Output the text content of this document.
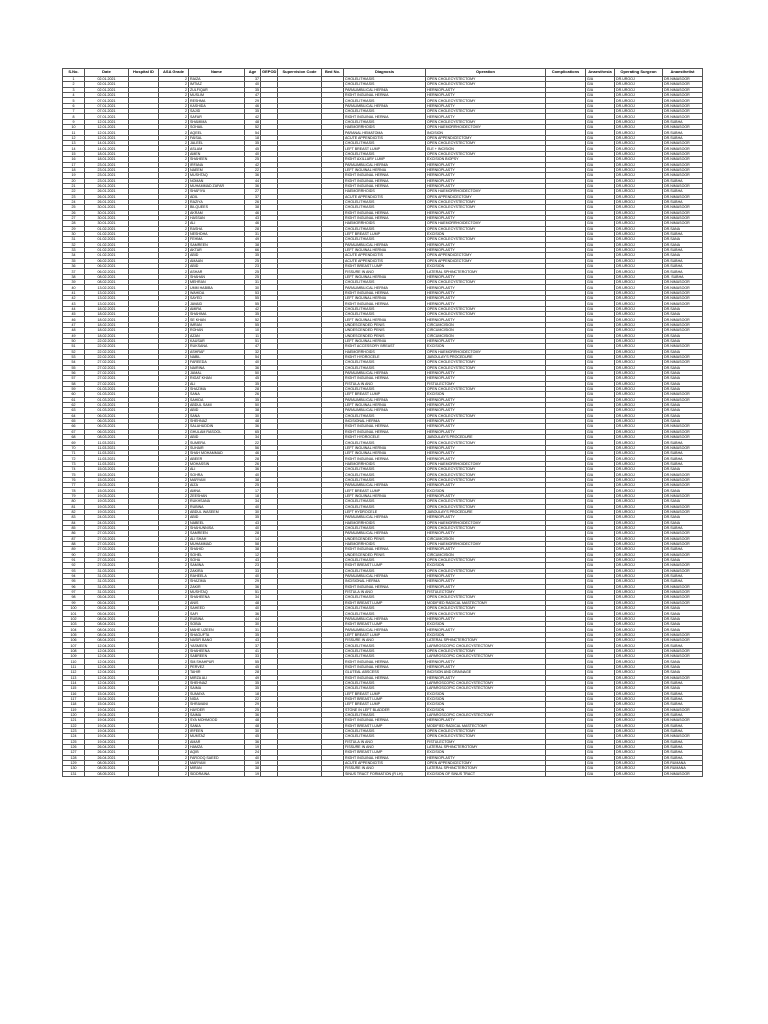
S.No.	Date	Hospital ID	ASA Grade	Name	Age	GEPOD	Supervision Code	Bed No.	Diagnosis	Operation	Complications	Anaesthesia	Operating Surgeon	Anaesthetist
1	02.01.2021		2	RAIZA	37				CHOLELITHIASIS	OPEN CHOLECYSTECTOMY		G/A	DR.UROOJ	DR.NIMASOOR
2	02.01.2021		2	IMTIAZ	40				CHOLELITHIASIS	OPEN CHOLECYSTECTOMY		G/A	DR.UROOJ	DR.NIMASOOR
3	02.01.2021		2	ZULFIQAR	35				PARAUMBILICAL HERNIA	HERNIOPLASTY		G/A	DR.UROOJ	DR.NIMASOOR
4	02.01.2021		2	MUSLIM	47				RIGHT INGUINAL HERNIA	HERNIOPLASTY		G/A	DR.UROOJ	DR.NIMASOOR
5	07.01.2021		2	RESHMA	29				CHOLELITHIASIS	OPEN CHOLECYSTECTOMY		G/A	DR.UROOJ	DR.NIMASOOR
6	07.01.2021		2	KASHIDA	46				PARAUMBILICAL HERNIA	HERNIOPLASTY		G/A	DR.UROOJ	DR.NIMASOOR
7	07.01.2021		2	SAJID	35				CHOLELITHIASIS	OPEN CHOLECYSTECTOMY		G/A	DR.UROOJ	DR.NIMASOOR
8	07.01.2021		2	SAFAR	42				RIGHT INGUINAL HERNIA	HERNIOPLASTY		G/A	DR.UROOJ	DR.NIMASOOR
9	12.01.2021		2	SHAMIMA	48				CHOLELITHIASIS	OPEN CHOLECYSTECTOMY		G/A	DR.UROOJ	DR.SUBHA
10	12.01.2021		2	SOHAIL	52				HAEMORRHOIDS	OPEN HAEMORRHOIDECTOMY		G/A	DR.UROOJ	DR.NIMASOOR
11	12.01.2021		2	AQEEL	54				PARANAL HEMATOMA	INCISION		G/A	DR.UROOJ	DR.SUBHA
12	12.01.2021		2	FAISAL	18				ACUTE APPENDICITIS	OPEN APPENDICECTOMY		G/A	DR.UROOJ	DR.SUBHA
13	14.01.2021		2	JALEEL	35				CHOLELITHIASIS	OPEN CHOLECYSTECTOMY		G/A	DR.UROOJ	DR.NIMASOOR
14	14.01.2021		2	ASLAM	45				LEFT BREAST LUMP	ELE + INCISION		G/A	DR.UROOJ	DR.NIMASOOR
15	18.01.2021		2	AMEN	40				CHOLELITHIASIS	OPEN CHOLECYSTECTOMY		G/A	DR.UROOJ	DR.NIMASOOR
16	18.01.2021		2	SHAHEEN	25				RIGHT AXILLARY LUMP	EXCISION BIOPSY		G/A	DR.UROOJ	DR.NIMASOOR
17	23.01.2021		2	IRFANA	42				PARAUMBILICAL HERNIA	HERNIOPLASTY		G/A	DR.UROOJ	DR.NIMASOOR
18	23.01.2021		2	NAEEM	22				LEFT INGUINAL HERNIA	HERNIOPLASTY		G/A	DR.UROOJ	DR.NIMASOOR
19	23.01.2021		2	MUSHTAQ	36				RIGHT INGUINAL HERNIA	HERNIOPLASTY		G/A	DR.UROOJ	DR.NIMASOOR
20	23.01.2021		2	NOMAN	44				RIGHT INGUINAL HERNIA	HERNIOPLASTY		G/A	DR.UROOJ	DR.SUBHA
21	26.01.2021		2	MUHAMMAD ZAFAR	36				RIGHT INGUINAL HERNIA	HERNIOPLASTY		G/A	DR.UROOJ	DR.NIMASOOR
22	26.01.2021		2	SHAFIYA	27				HAEMORRHOIDS	OPEN HAEMORRHOIDECTOMY		G/A	DR.UROOJ	DR.SUBHA
23	26.01.2021		2	ADIL	37				ACUTE APPENDICITIS	OPEN APPENDICECTOMY		G/A	DR.UROOJ	DR.NIMASOOR
24	26.01.2021		2	RAZIYA	26				CHOLELITHIASIS	OPEN CHOLECYSTECTOMY		G/A	DR.UROOJ	DR.SUBHA
25	30.01.2021		2	BILQUEES	38				CHOLELITHIASIS	OPEN CHOLECYSTECTOMY		G/A	DR.UROOJ	DR.NIMASOOR
26	30.01.2021		2	AKRAM	46				RIGHT INGUINAL HERNIA	HERNIOPLASTY		G/A	DR.UROOJ	DR.NIMASOOR
27	30.01.2021		2	HASSAN	43				RIGHT INGUINAL HERNIA	HERNIOPLASTY		G/A	DR.UROOJ	DR.NIMASOOR
28	30.01.2021		2	ALI	46				HAEMORRHOIDS	OPEN HAEMORRHOIDECTOMY		G/A	DR.UROOJ	DR.NIMASOOR
29	01.02.2021		2	RASHA	28				CHOLELITHIASIS	OPEN CHOLECYSTECTOMY		G/A	DR.UROOJ	DR.SANA
30	01.02.2021		2	NESHDHA	31				LEFT BREAST LUMP	EXCISION		G/A	DR.UROOJ	DR.SUBHA
31	01.02.2021		2	FEHMA	49				CHOLELITHIASIS	OPEN CHOLECYSTECTOMY		G/A	DR.UROOJ	DR.SANA
32	01.02.2021		2	SAMREEN	38				PARAUMBILICAL HERNIA	HERNIOPLASTY		G/A	DR.UROOJ	DR.SANA
33	01.02.2021		2	AKTAR	66				LEFT INGUINAL HERNIA	HERNIOPLASTY		G/A	DR.UROOJ	DR.SUBHA
34	01.02.2021		2	ABID	35				ACUTE APPENDICITIS	OPEN APPENDICECTOMY		G/A	DR.UROOJ	DR.SANA
35	06.02.2021		2	AMAAN	25				ACUTE APPENDICITIS	OPEN APPENDICECTOMY		G/A	DR.UROOJ	DR.SUBHA
36	06.02.2021		2	ABID	23				RIGHT BREAST LUMP	EXCISION		G/A	DR.UROOJ	DR.SUBHA
37	06.02.2021		2	ASHAR	25				FISSURE IN ANO	LATERAL SPHINCTEROTOMY		G/A	DR.UROOJ	DR.SUBHA
38	08.02.2021		2	SHAHAN	25				LEFT INGUINAL HERNIA	HERNIOPLASTY		G/A	DR.UROOJ	DR. SUBHA
39	08.02.2021		2	MEHRAN	31				CHOLELITHIASIS	OPEN CHOLECYSTECTOMY		G/A	DR.UROOJ	DR.NIMASOOR
40	13.02.2021		2	UMM HABIBA	30				PARAUMBILICAL HERNIA	HERNIOPLASTY		G/A	DR.UROOJ	DR.NIMASOOR
41	13.02.2021		2	WAHIDA	53				RIGHT INGUINAL HERNIA	HERNIOPLASTY		G/A	DR.UROOJ	DR.NIMASOOR
42	13.02.2021		2	SAYED	55				LEFT INGUINAL HERNIA	HERNIOPLASTY		G/A	DR.UROOJ	DR.NIMASOOR
43	13.02.2021		2	JAVAID	55				RIGHT INGUINAL HERNIA	HERNIOPLASTY		G/A	DR.UROOJ	DR.NIMASOOR
44	18.02.2021		2	AMIRA	42				CHOLELITHIASIS	OPEN CHOLECYSTECTOMY		G/A	DR.UROOJ	DR.SANA
45	18.02.2021		2	SHAHIMA	35				CHOLELITHIASIS	OPEN CHOLECYSTECTOMY		G/A	DR.UROOJ	DR.SANA
46	18.02.2021		2	SE KHAN	52				LEFT INGUINAL HERNIA	HERNIOPLASTY		G/A	DR.UROOJ	DR.NIMASOOR
47	18.02.2021		2	IMRAN	55				UNDESCENDED PENIS	CIRCUMCISION		G/A	DR.UROOJ	DR.NIMASOOR
48	18.02.2021		2	ROHAN	10				UNDESCENDED PENIS	CIRCUMCISION		G/A	DR.UROOJ	DR.NIMASOOR
49	18.02.2021		2	AZAN	11				UNDESCENDED PENIS	CIRCUMCISION		G/A	DR.UROOJ	DR.SANA
50	22.02.2021		2	KAUSAR	51				LEFT INGUINAL HERNIA	HERNIOPLASTY		G/A	DR.UROOJ	DR.SANA
51	22.02.2021		2	RUKSANA	47				RIGHT ACCESSORY BREAST	EXCISION		G/A	DR.UROOJ	DR.NIMASOOR
52	22.02.2021		2	ASHRAF	32				HAEMORRHOIDS	OPEN HAEMORRHOIDECTOMY		G/A	DR.UROOJ	DR.SANA
53	22.02.2021		2	NABIL	54				RIGHT HYDROCELE	JABOULAY'S PROCEDURE		G/A	DR.UROOJ	DR.NIMASOOR
54	27.02.2021		2	FAREEDA	40				CHOLELITHIASIS	OPEN CHOLECYSTECTOMY		G/A	DR.UROOJ	DR.NIMASOOR
55	27.02.2021		2	NAIRINA	36				CHOLELITHIASIS	OPEN CHOLECYSTECTOMY		G/A	DR.UROOJ	DR.SANA
56	27.02.2021		2	JAMAL	50				PARAUMBILICAL HERNIA	HERNIOPLASTY		G/A	DR.UROOJ	DR.SANA
57	27.02.2021		2	RIGAT KHAN	45				RIGHT INGUINAL HERNIA	HERNIOPLASTY		G/A	DR.UROOJ	DR.SANA
58	27.02.2021		2	ALI	35				FISTULA IN ANO	FISTULECTOMY		G/A	DR.UROOJ	DR.SANA
59	01.03.2021		2	SHAZIMA	28				CHOLELITHIASIS	OPEN CHOLECYSTECTOMY		G/A	DR.UROOJ	DR.SANA
60	01.03.2021		2	SANA	26				LEFT BREAST LUMP	EXCISION		G/A	DR.UROOJ	DR.NIMASOOR
61	01.03.2021		2	SAHIDA	35				PARAUMBILICAL HERNIA	HERNIOPLASTY		G/A	DR.UROOJ	DR.NIMASOOR
62	01.03.2021		2	ABDUL SAMI	50				LEFT INGUINAL HERNIA	HERNIOPLASTY		G/A	DR.UROOJ	DR.SANA
63	01.03.2021		2	ABID	38				PARAUMBILICAL HERNIA	HERNIOPLASTY		G/A	DR.UROOJ	DR.SANA
64	06.03.2021		2	SANA	30				CHOLELITHIASIS	OPEN CHOLECYSTECTOMY		G/A	DR.UROOJ	DR.SANA
65	06.03.2021		2	SHEHNAZ	48				INCISIONAL HERNIA	HERNIOPLASTY		G/A	DR.UROOJ	DR.SANA
66	06.03.2021		2	SALAHUDDIN	36				RIGHT INGUINAL HERNIA	HERNIOPLASTY		G/A	DR.UROOJ	DR.NIMASOOR
67	06.03.2021		2	GHULAM RASOOL	65				RIGHT INGUINAL HERNIA	HERNIOPLASTY		G/A	DR.UROOJ	DR.NIMASOOR
68	08.03.2021		2	ABID	34				RIGHT HYDROCELE	JABOULAY'S PROCEDURE		G/A	DR.UROOJ	DR.NIMASOOR
69	11.03.2021		2	SUMERA	22				CHOLELITHIASIS	OPEN CHOLECYSTECTOMY		G/A	DR.UROOJ	DR.SUBHA
70	11.03.2021		2	SUHAIR	56				LEFT INGUINAL HERNIA	HERNIOPLASTY		G/A	DR.UROOJ	DR.NIMASOOR
71	11.03.2021		2	SHAH MOHAMMAD	46				LEFT INGUINAL HERNIA	HERNIOPLASTY		G/A	DR.UROOJ	DR.SUBHA
72	11.03.2021		2	ABEER	28				RIGHT INGUINAL HERNIA	HERNIOPLASTY		G/A	DR.UROOJ	DR.SUBHA
73	11.03.2021		2	MOHASSIN	26				HAEMORRHOIDS	OPEN HAEMORRHOIDECTOMY		G/A	DR.UROOJ	DR.SUBHA
74	15.03.2021		2	ALI	36				CHOLELITHIASIS	OPEN CHOLECYSTECTOMY		G/A	DR.UROOJ	DR.SANA
75	15.03.2021		2	SOHRA	40				CHOLELITHIASIS	OPEN CHOLECYSTECTOMY		G/A	DR.UROOJ	DR.NIMASOOR
76	15.03.2021		2	MARYAM	38				CHOLELITHIASIS	OPEN CHOLECYSTECTOMY		G/A	DR.UROOJ	DR.NIMASOOR
77	15.03.2021		2	AIZA	25				PARAUMBILICAL HERNIA	HERNIOPLASTY		G/A	DR.UROOJ	DR.NIMASOOR
78	15.03.2021		2	AMNA	17				LEFT BREAST LUMP	EXCISION		G/A	DR.UROOJ	DR.SANA
79	19.03.2021		2	ZEESHAN	18				LEFT INGUINAL HERNIA	HERNIOPLASTY		G/A	DR.UROOJ	DR.NIMASOOR
80	19.03.2021		2	RUKHSANA	34				CHOLELITHIASIS	OPEN CHOLECYSTECTOMY		G/A	DR.UROOJ	DR.SANA
81	19.03.2021		2	RUBINA	40				CHOLELITHIASIS	OPEN CHOLECYSTECTOMY		G/A	DR.UROOJ	DR.NIMASOOR
82	19.03.2021		2	ABDUL WASEEM	30				LEFT HYDROCELE	JABOULAY'S PROCEDURE		G/A	DR.UROOJ	DR.NIMASOOR
83	24.03.2021		2	ABID	35				PARAUMBILICAL HERNIA	HERNIOPLASTY		G/A	DR.UROOJ	DR.SANA
84	24.03.2021		2	NABEEL	43				HAEMORRHOIDS	OPEN HAEMORRHOIDECTOMY		G/A	DR.UROOJ	DR.SANA
85	27.03.2021		2	SHAHUNNISA	40				CHOLELITHIASIS	OPEN CHOLECYSTECTOMY		G/A	DR.UROOJ	DR.SUBHA
86	27.03.2021		2	SAMREEN	28				PARAUMBILICAL HERNIA	HERNIOPLASTY		G/A	DR.UROOJ	DR.NIMASOOR
87	27.03.2021		2	ALI SHAH	14				UNDESCENDED PENIS	CIRCUMCISION		G/A	DR.UROOJ	DR.NIMASOOR
88	27.03.2021		2	MUHAMMAD	58				HAEMORRHOIDS	OPEN HAEMORRHOIDECTOMY		G/A	DR.UROOJ	DR.NIMASOOR
89	27.03.2021		2	SHAHID	38				RIGHT INGUINAL HERNIA	HERNIOPLASTY		G/A	DR.UROOJ	DR.SUBHA
90	27.03.2021		2	SOHEL	12				UNDESCENDED PENIS	CIRCUMCISION		G/A	DR.UROOJ	DR.NIMASOOR
91	27.03.2021		2	SOHA	43				CHOLELITHIASIS	OPEN CHOLECYSTECTOMY		G/A	DR.UROOJ	DR.SANA
92	27.03.2021		2	SAMINA	23				RIGHT BREAST LUMP	EXCISION		G/A	DR.UROOJ	DR.NIMASOOR
93	31.03.2021		2	ZAKIRA	33				CHOLELITHIASIS	OPEN CHOLECYSTECTOMY		G/A	DR.UROOJ	DR.NIMASOOR
94	31.03.2021		2	RAHEELA	40				PARAUMBILICAL HERNIA	HERNIOPLASTY		G/A	DR.UROOJ	DR.SUBHA
95	31.03.2021		2	SHAZIMA	29				INCISIONAL HERNIA	HERNIOPLASTY		G/A	DR.UROOJ	DR.SUBHA
96	31.03.2021		2	ZAKIR	36				RIGHT INGUINAL HERNIA	HERNIOPLASTY		G/A	DR.UROOJ	DR.NIMASOOR
97	31.03.2021		2	MUSHTAQ	51				FISTULA IN ANO	FISTULECTOMY		G/A	DR.UROOJ	DR.NIMASOOR
98	05.04.2021		2	SHAHEENA	34				CHOLELITHIASIS	OPEN CHOLECYSTECTOMY		G/A	DR.UROOJ	DR.NIMASOOR
99	05.04.2021		2	ANIS	48				RIGHT BREAST LUMP	MODIFIED RADICAL MASTECTOMY		G/A	DR.UROOJ	DR.NIMASOOR
100	05.04.2021		2	SAHEED	40				CHOLELITHIASIS	OPEN CHOLECYSTECTOMY		G/A	DR.UROOJ	DR.SANA
101	05.04.2021		2	SAFI	36				CHOLELITHIASIS	OPEN CHOLECYSTECTOMY		G/A	DR.UROOJ	DR.SANA
102	08.04.2021		2	RUBINA	44				PARAUMBILICAL HERNIA	HERNIOPLASTY		G/A	DR.UROOJ	DR.SANA
103	08.04.2021		2	SOBIA	30				RIGHT BREAST LUMP	EXCISION		G/A	DR.UROOJ	DR.SANA
104	08.04.2021		2	MAHE UZEEN	31				PARAUMBILICAL HERNIA	HERNIOPLASTY		G/A	DR.UROOJ	DR.SANA
105	08.04.2021		2	SHAGUFTA	35				LEFT BREAST LUMP	EXCISION		G/A	DR.UROOJ	DR.NIMASOOR
106	08.04.2021		2	NASIR BANO	43				FISSURE IN ANO	LATERAL SPHINCTEROTOMY		G/A	DR.UROOJ	DR.NIMASOOR
107	12.04.2021		2	YASMEEN	37				CHOLELITHIASIS	LAPAROSCOPIC CHOLECYSTECTOMY		G/A	DR.UROOJ	DR.SUBHA
108	12.04.2021		2	SHAHEENA	41				CHOLELITHIASIS	OPEN CHOLECYSTECTOMY		G/A	DR.UROOJ	DR.NIMASOOR
109	12.04.2021		2	SABREEN	33				CHOLELITHIASIS	LAPAROSCOPIC CHOLECYSTECTOMY		G/A	DR.UROOJ	DR.NIMASOOR
110	12.04.2021		2	SM.SHAHPUR	55				RIGHT INGUINAL HERNIA	HERNIOPLASTY		G/A	DR.UROOJ	DR.SANA
111	12.04.2021		2	PERVEZ	45				RIGHT INGUINAL HERNIA	HERNIOPLASTY		G/A	DR.UROOJ	DR.SANA
112	12.04.2021		2	TAHIR	28				GLUTEAL ABSCESS	INCISION AND DRAINAGE		G/A	DR.UROOJ	DR.SANA
113	12.04.2021		2	MIRZA ALI	49				RIGHT INGUINAL HERNIA	HERNIOPLASTY		G/A	DR.UROOJ	DR.NIMASOOR
114	12.04.2021		2	SHEHNAZ	35				CHOLELITHIASIS	LAPAROSCOPIC CHOLECYSTECTOMY		G/A	DR.UROOJ	DR.SUBHA
115	15.04.2021		2	SAIMA	35				CHOLELITHIASIS	LAPAROSCOPIC CHOLECYSTECTOMY		G/A	DR.UROOJ	DR.SANA
116	15.04.2021		2	SUMAYA	18				LEFT BREAST LUMP	EXCISION		G/A	DR.UROOJ	DR.SUBHA
117	15.04.2021		2	NIDA	22				RIGHT BREAST LUMP	EXCISION		G/A	DR.UROOJ	DR.SUBHA
118	15.04.2021		2	SHRAVANI	29				LEFT BREAST LUMP	EXCISION		G/A	DR.UROOJ	DR.SUBHA
119	19.04.2021		2	HAYDER	25				STONE IN LEFT BLADDER	EXCISION		G/A	DR.UROOJ	DR.NIMASOOR
120	19.04.2021		2	SAIMA	36				CHOLELITHIASIS	LAPAROSCOPIC CHOLECYSTECTOMY		G/A	DR.UROOJ	DR.SUBHA
121	19.04.2021		2	SYA MOHMOOD	48				RIGHT INGUINAL HERNIA	HERNIOPLASTY		G/A	DR.UROOJ	DR.NIMASOOR
122	19.04.2021		2	SANIA	48				RIGHT BREAST LUMP	MODIFIED RADICAL MASTECTOMY		G/A	DR.UROOJ	DR.SUBHA
123	19.04.2021		2	IRFEEN	30				CHOLELITHIASIS	OPEN CHOLECYSTECTOMY		G/A	DR.UROOJ	DR.SUBHA
124	19.04.2021		2	MUMTAZ	45				CHOLELITHIASIS	OPEN CHOLECYSTECTOMY		G/A	DR.UROOJ	DR.NIMASOOR
125	19.04.2021		2	AMAR	36				FISTULA IN ANO	FISTULECTOMY		G/A	DR.UROOJ	DR.SUBHA
126	26.04.2021		2	HAMZA	19				FISSURE IN ANO	LATERAL SPHINCTEROTOMY		G/A	DR.UROOJ	DR.SUBHA
127	26.04.2021		2	AQIB	24				RIGHT BREAST LUMP	EXCISION		G/A	DR.UROOJ	DR.SUBHA
128	26.04.2021		2	FAROOQ SAEED	40				RIGHT INGUINAL HERNIA	HERNIOPLASTY		G/A	DR.UROOJ	DR.SUBHA
129	08.05.2021		2	MARYAM	19				ACUTE APPENDICITIS	OPEN APPENDICECTOMY		G/A	DR.UROOJ	DR.RUMANA
130	08.05.2021		2	MIRAN	38				FISSURE IN ANO	LATERAL SPHINCTEROTOMY		G/A	DR.UROOJ	DR.RUMANA
131	08.05.2021		2	SIDDRAINA	19				SINUS TRACT FORMATION (R LH)	EXCISION OF SINUS TRACT		G/A	DR.UROOJ	DR.NIMASOOR
